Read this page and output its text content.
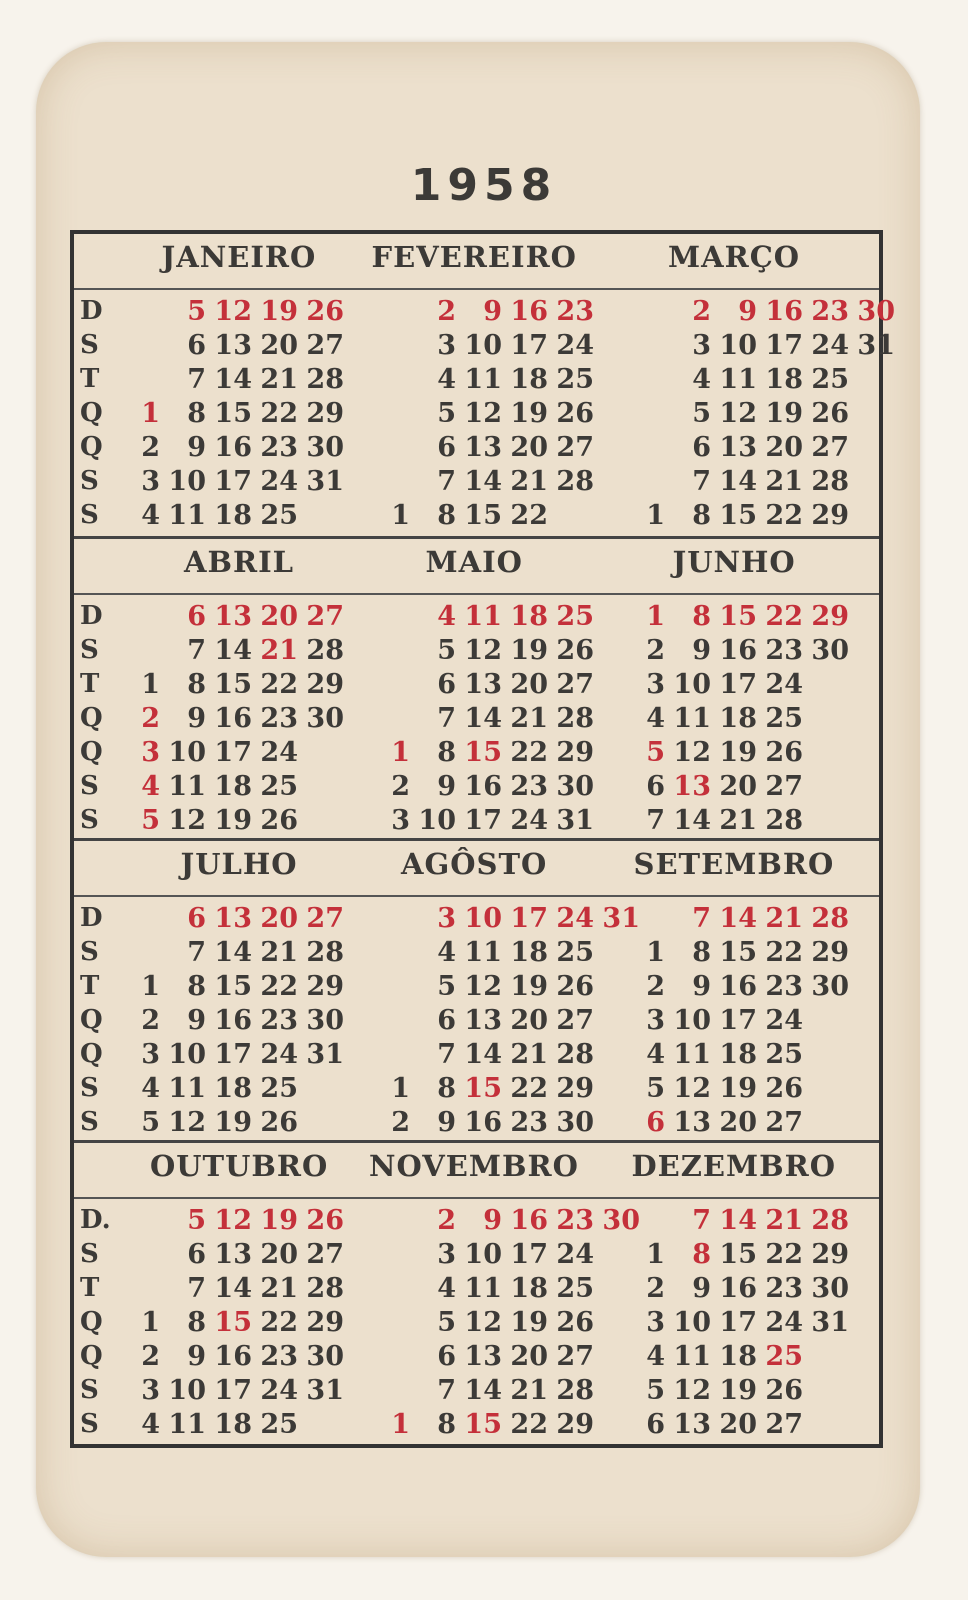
1958
D
S
T
Q
Q
S
S
JANEIRO
1
2
3
4
5
6
7
8
9
10
11
12
13
14
15
16
17
18
19
20
21
22
23
24
25
26
27
28
29
30
31
FEVEREIRO
1
2
3
4
5
6
7
8
9
10
11
12
13
14
15
16
17
18
19
20
21
22
23
24
25
26
27
28
MARÇO
1
2
3
4
5
6
7
8
9
10
11
12
13
14
15
16
17
18
19
20
21
22
23
24
25
26
27
28
29
30
31
D
S
T
Q
Q
S
S
ABRIL
1
2
3
4
5
6
7
8
9
10
11
12
13
14
15
16
17
18
19
20
21
22
23
24
25
26
27
28
29
30
MAIO
1
2
3
4
5
6
7
8
9
10
11
12
13
14
15
16
17
18
19
20
21
22
23
24
25
26
27
28
29
30
31
JUNHO
1
2
3
4
5
6
7
8
9
10
11
12
13
14
15
16
17
18
19
20
21
22
23
24
25
26
27
28
29
30
D
S
T
Q
Q
S
S
JULHO
1
2
3
4
5
6
7
8
9
10
11
12
13
14
15
16
17
18
19
20
21
22
23
24
25
26
27
28
29
30
31
AGÔSTO
1
2
3
4
5
6
7
8
9
10
11
12
13
14
15
16
17
18
19
20
21
22
23
24
25
26
27
28
29
30
31
SETEMBRO
1
2
3
4
5
6
7
8
9
10
11
12
13
14
15
16
17
18
19
20
21
22
23
24
25
26
27
28
29
30
D.
S
T
Q
Q
S
S
OUTUBRO
1
2
3
4
5
6
7
8
9
10
11
12
13
14
15
16
17
18
19
20
21
22
23
24
25
26
27
28
29
30
31
NOVEMBRO
1
2
3
4
5
6
7
8
9
10
11
12
13
14
15
16
17
18
19
20
21
22
23
24
25
26
27
28
29
30
DEZEMBRO
1
2
3
4
5
6
7
8
9
10
11
12
13
14
15
16
17
18
19
20
21
22
23
24
25
26
27
28
29
30
31
